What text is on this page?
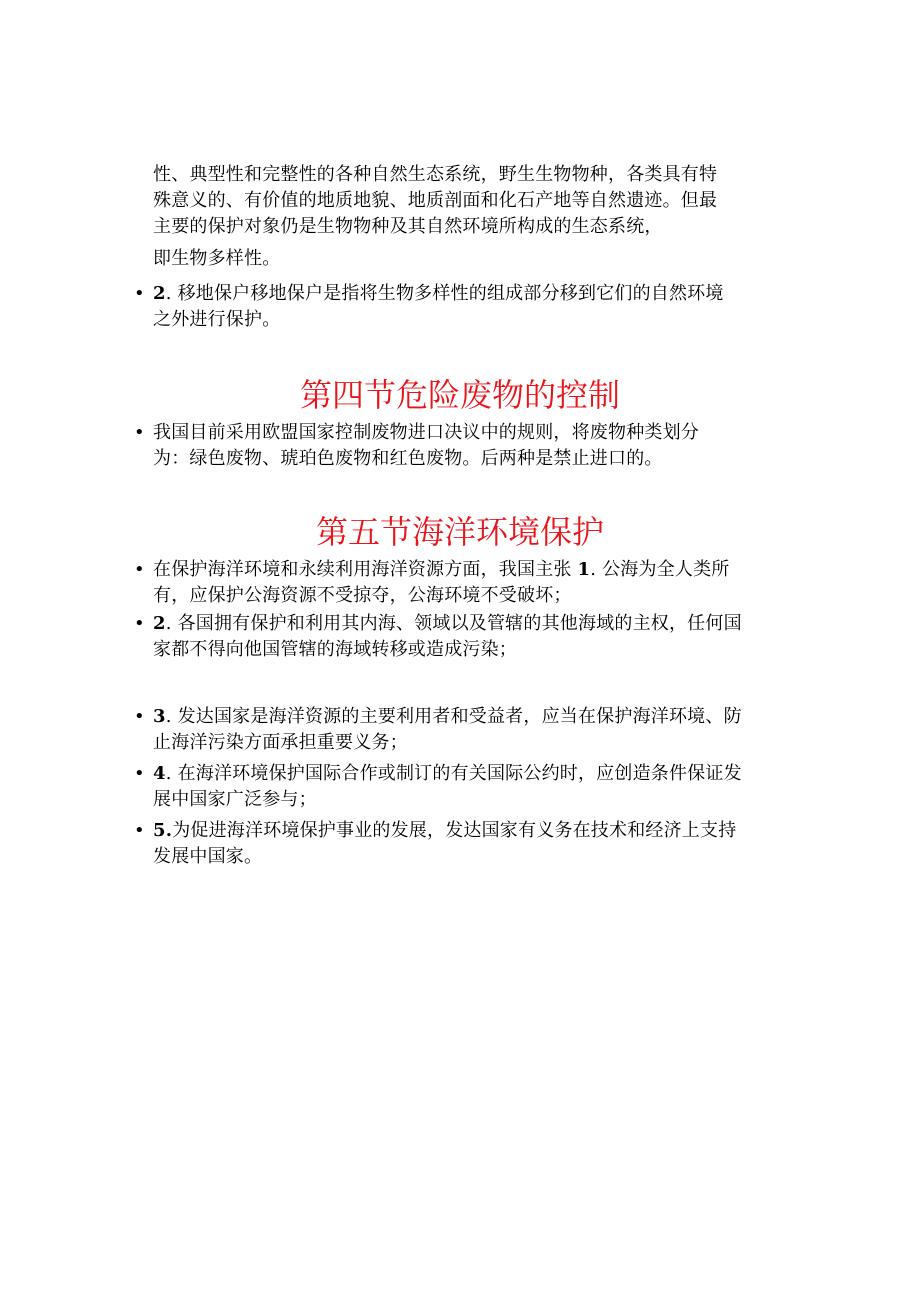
性、典型性和完整性的各种自然生态系统，野生生物物种，各类具有特
殊意义的、有价值的地质地貌、地质剖面和化石产地等自然遗迹。但最
主要的保护对象仍是生物物种及其自然环境所构成的生态系统，
即生物多样性。
• 2. 移地保户移地保户是指将生物多样性的组成部分移到它们的自然环境
之外进行保护。
第四节危险废物的控制
• 我国目前采用欧盟国家控制废物进口决议中的规则，将废物种类划分
为：绿色废物、琥珀色废物和红色废物。后两种是禁止进口的。
第五节海洋环境保护
• 在保护海洋环境和永续利用海洋资源方面，我国主张 1. 公海为全人类所
有，应保护公海资源不受掠夺，公海环境不受破坏；
• 2. 各国拥有保护和利用其内海、领域以及管辖的其他海域的主权，任何国
家都不得向他国管辖的海域转移或造成污染；
• 3. 发达国家是海洋资源的主要利用者和受益者，应当在保护海洋环境、防
止海洋污染方面承担重要义务；
• 4. 在海洋环境保护国际合作或制订的有关国际公约时，应创造条件保证发
展中国家广泛参与；
• 5.为促进海洋环境保护事业的发展，发达国家有义务在技术和经济上支持
发展中国家。
